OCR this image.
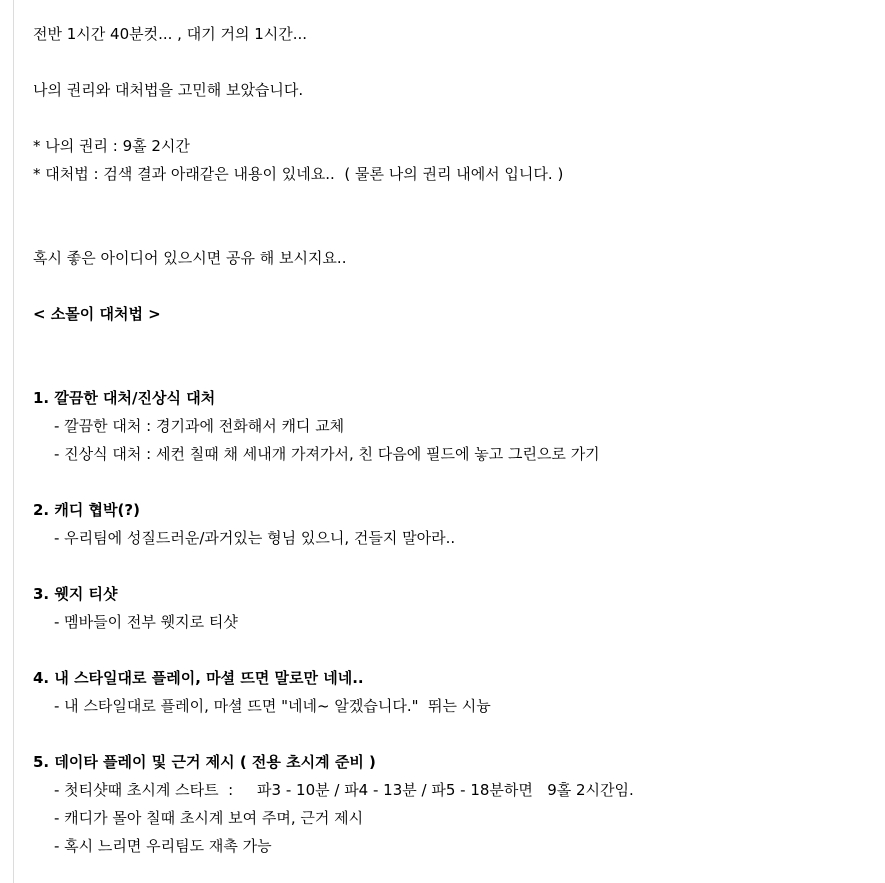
전반 1시간 40분컷... , 대기 거의 1시간...
나의 권리와 대처법을 고민해 보았습니다.
* 나의 권리 : 9홀 2시간
* 대처법 : 검색 결과 아래같은 내용이 있네요..  ( 물론 나의 권리 내에서 입니다. )
혹시 좋은 아이디어 있으시면 공유 해 보시지요..
< 소몰이 대처법 >
1. 깔끔한 대처/진상식 대처
- 깔끔한 대처 : 경기과에 전화해서 캐디 교체
- 진상식 대처 : 세컨 칠때 채 세내개 가져가서, 친 다음에 필드에 놓고 그린으로 가기
2. 캐디 협박(?)
- 우리팀에 성질드러운/과거있는 형님 있으니, 건들지 말아라..
3. 웻지 티샷
- 멤바들이 전부 웻지로 티샷
4. 내 스타일대로 플레이, 마셜 뜨면 말로만 네네..
- 내 스타일대로 플레이, 마셜 뜨면 "네네~ 알겠습니다."  뛰는 시늉
5. 데이타 플레이 및 근거 제시 ( 전용 초시계 준비 )
- 첫티샷때 초시계 스타트  :     파3 - 10분 / 파4 - 13분 / 파5 - 18분하면   9홀 2시간임.
- 캐디가 몰아 칠때 초시계 보여 주며, 근거 제시
- 혹시 느리면 우리팀도 재촉 가능
